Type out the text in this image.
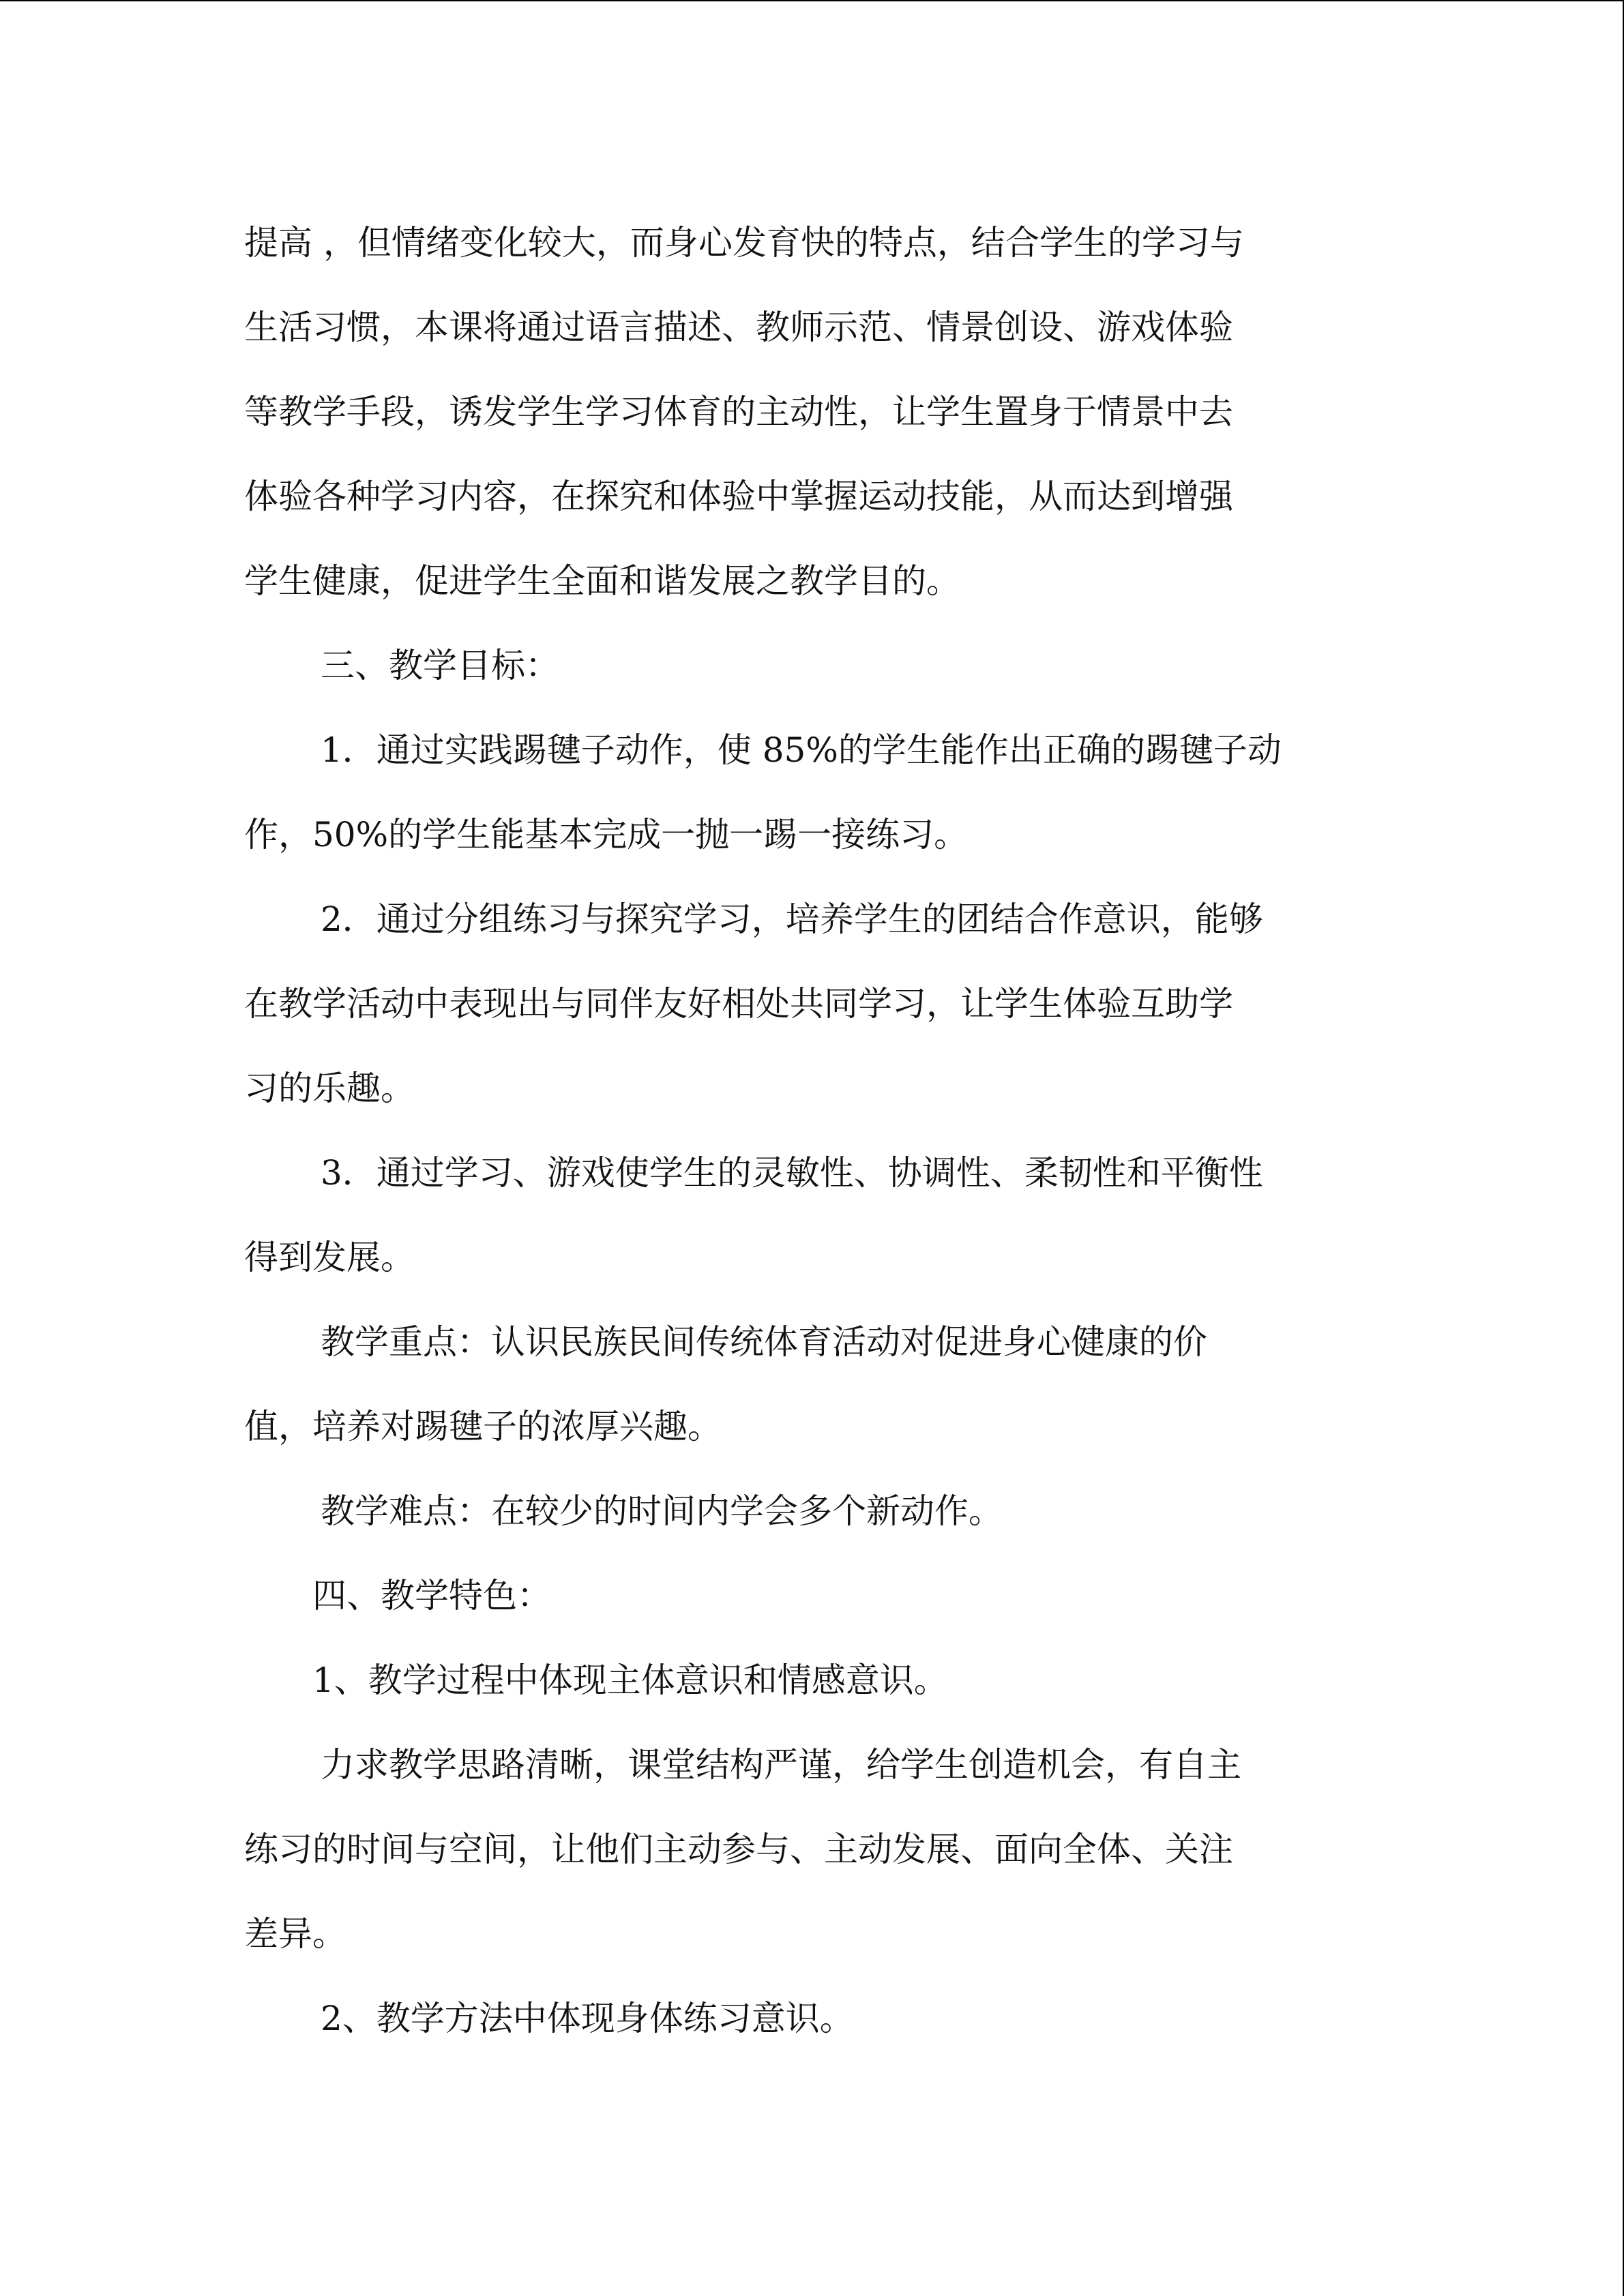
提高 ，但情绪变化较大，而身心发育快的特点，结合学生的学习与
生活习惯，本课将通过语言描述、教师示范、情景创设、游戏体验
等教学手段，诱发学生学习体育的主动性，让学生置身于情景中去
体验各种学习内容，在探究和体验中掌握运动技能，从而达到增强
学生健康，促进学生全面和谐发展之教学目的。
三、教学目标：
1．通过实践踢毽子动作，使 85%的学生能作出正确的踢毽子动
作，50%的学生能基本完成一抛一踢一接练习。
2．通过分组练习与探究学习，培养学生的团结合作意识，能够
在教学活动中表现出与同伴友好相处共同学习，让学生体验互助学
习的乐趣。
3．通过学习、游戏使学生的灵敏性、协调性、柔韧性和平衡性
得到发展。
教学重点：认识民族民间传统体育活动对促进身心健康的价
值，培养对踢毽子的浓厚兴趣。
教学难点：在较少的时间内学会多个新动作。
四、教学特色：
1、教学过程中体现主体意识和情感意识。
力求教学思路清晰，课堂结构严谨，给学生创造机会，有自主
练习的时间与空间，让他们主动参与、主动发展、面向全体、关注
差异。
2、教学方法中体现身体练习意识。
